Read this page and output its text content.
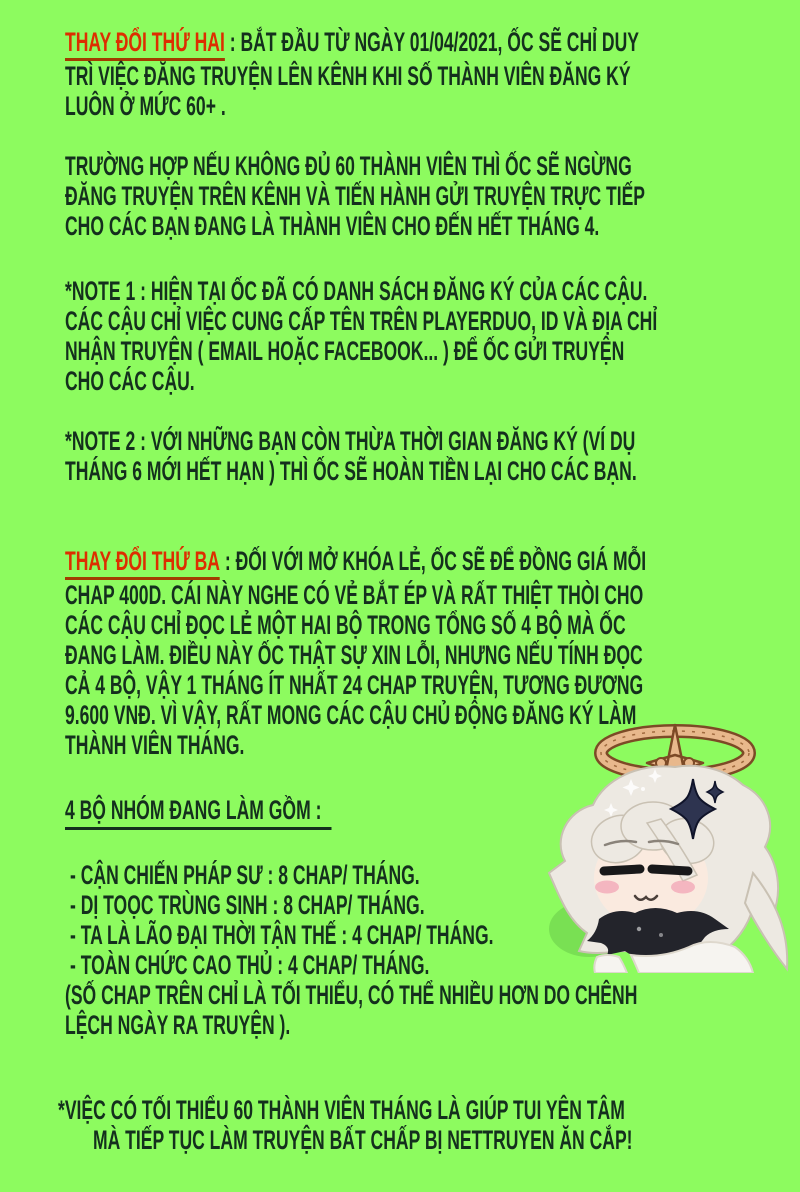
THAY ĐỔI THỨ HAI : BẮT ĐẦU TỪ NGÀY 01/04/2021, ỐC SẼ CHỈ DUY
TRÌ VIỆC ĐĂNG TRUYỆN LÊN KÊNH KHI SỐ THÀNH VIÊN ĐĂNG KÝ
LUÔN Ở MỨC 60+ .
TRƯỜNG HỢP NẾU KHÔNG ĐỦ 60 THÀNH VIÊN THÌ ỐC SẼ NGỪNG
ĐĂNG TRUYỆN TRÊN KÊNH VÀ TIẾN HÀNH GỬI TRUYỆN TRỰC TIẾP
CHO CÁC BẠN ĐANG LÀ THÀNH VIÊN CHO ĐẾN HẾT THÁNG 4.
*NOTE 1 : HIỆN TẠI ỐC ĐÃ CÓ DANH SÁCH ĐĂNG KÝ CỦA CÁC CẬU.
CÁC CẬU CHỈ VIỆC CUNG CẤP TÊN TRÊN PLAYERDUO, ID VÀ ĐỊA CHỈ
NHẬN TRUYỆN ( EMAIL HOẶC FACEBOOK... ) ĐỂ ỐC GỬI TRUYỆN
CHO CÁC CẬU.
*NOTE 2 : VỚI NHỮNG BẠN CÒN THỪA THỜI GIAN ĐĂNG KÝ (VÍ DỤ
THÁNG 6 MỚI HẾT HẠN ) THÌ ỐC SẼ HOÀN TIỀN LẠI CHO CÁC BẠN.
THAY ĐỔI THỨ BA : ĐỐI VỚI MỞ KHÓA LẺ, ỐC SẼ ĐỂ ĐỒNG GIÁ MỖI
CHAP 400D. CÁI NÀY NGHE CÓ VẺ BẮT ÉP VÀ RẤT THIỆT THÒI CHO
CÁC CẬU CHỈ ĐỌC LẺ MỘT HAI BỘ TRONG TỔNG SỐ 4 BỘ MÀ ỐC
ĐANG LÀM. ĐIỀU NÀY ỐC THẬT SỰ XIN LỖI, NHƯNG NẾU TÍNH ĐỌC
CẢ 4 BỘ, VẬY 1 THÁNG ÍT NHẤT 24 CHAP TRUYỆN, TƯƠNG ĐƯƠNG
9.600 VNĐ. VÌ VẬY, RẤT MONG CÁC CẬU CHỦ ĐỘNG ĐĂNG KÝ LÀM
THÀNH VIÊN THÁNG.
4 BỘ NHÓM ĐANG LÀM GỒM :
- CẬN CHIẾN PHÁP SƯ : 8 CHAP/ THÁNG.
- DỊ TOỌC TRÙNG SINH : 8 CHAP/ THÁNG.
- TA LÀ LÃO ĐẠI THỜI TẬN THẾ : 4 CHAP/ THÁNG.
- TOÀN CHỨC CAO THỦ : 4 CHAP/ THÁNG.
(SỐ CHAP TRÊN CHỈ LÀ TỐI THIỂU, CÓ THỂ NHIỀU HƠN DO CHÊNH
LỆCH NGÀY RA TRUYỆN ).
*VIỆC CÓ TỐI THIỂU 60 THÀNH VIÊN THÁNG LÀ GIÚP TUI YÊN TÂM
MÀ TIẾP TỤC LÀM TRUYỆN BẤT CHẤP BỊ NETTRUYEN ĂN CẮP!
